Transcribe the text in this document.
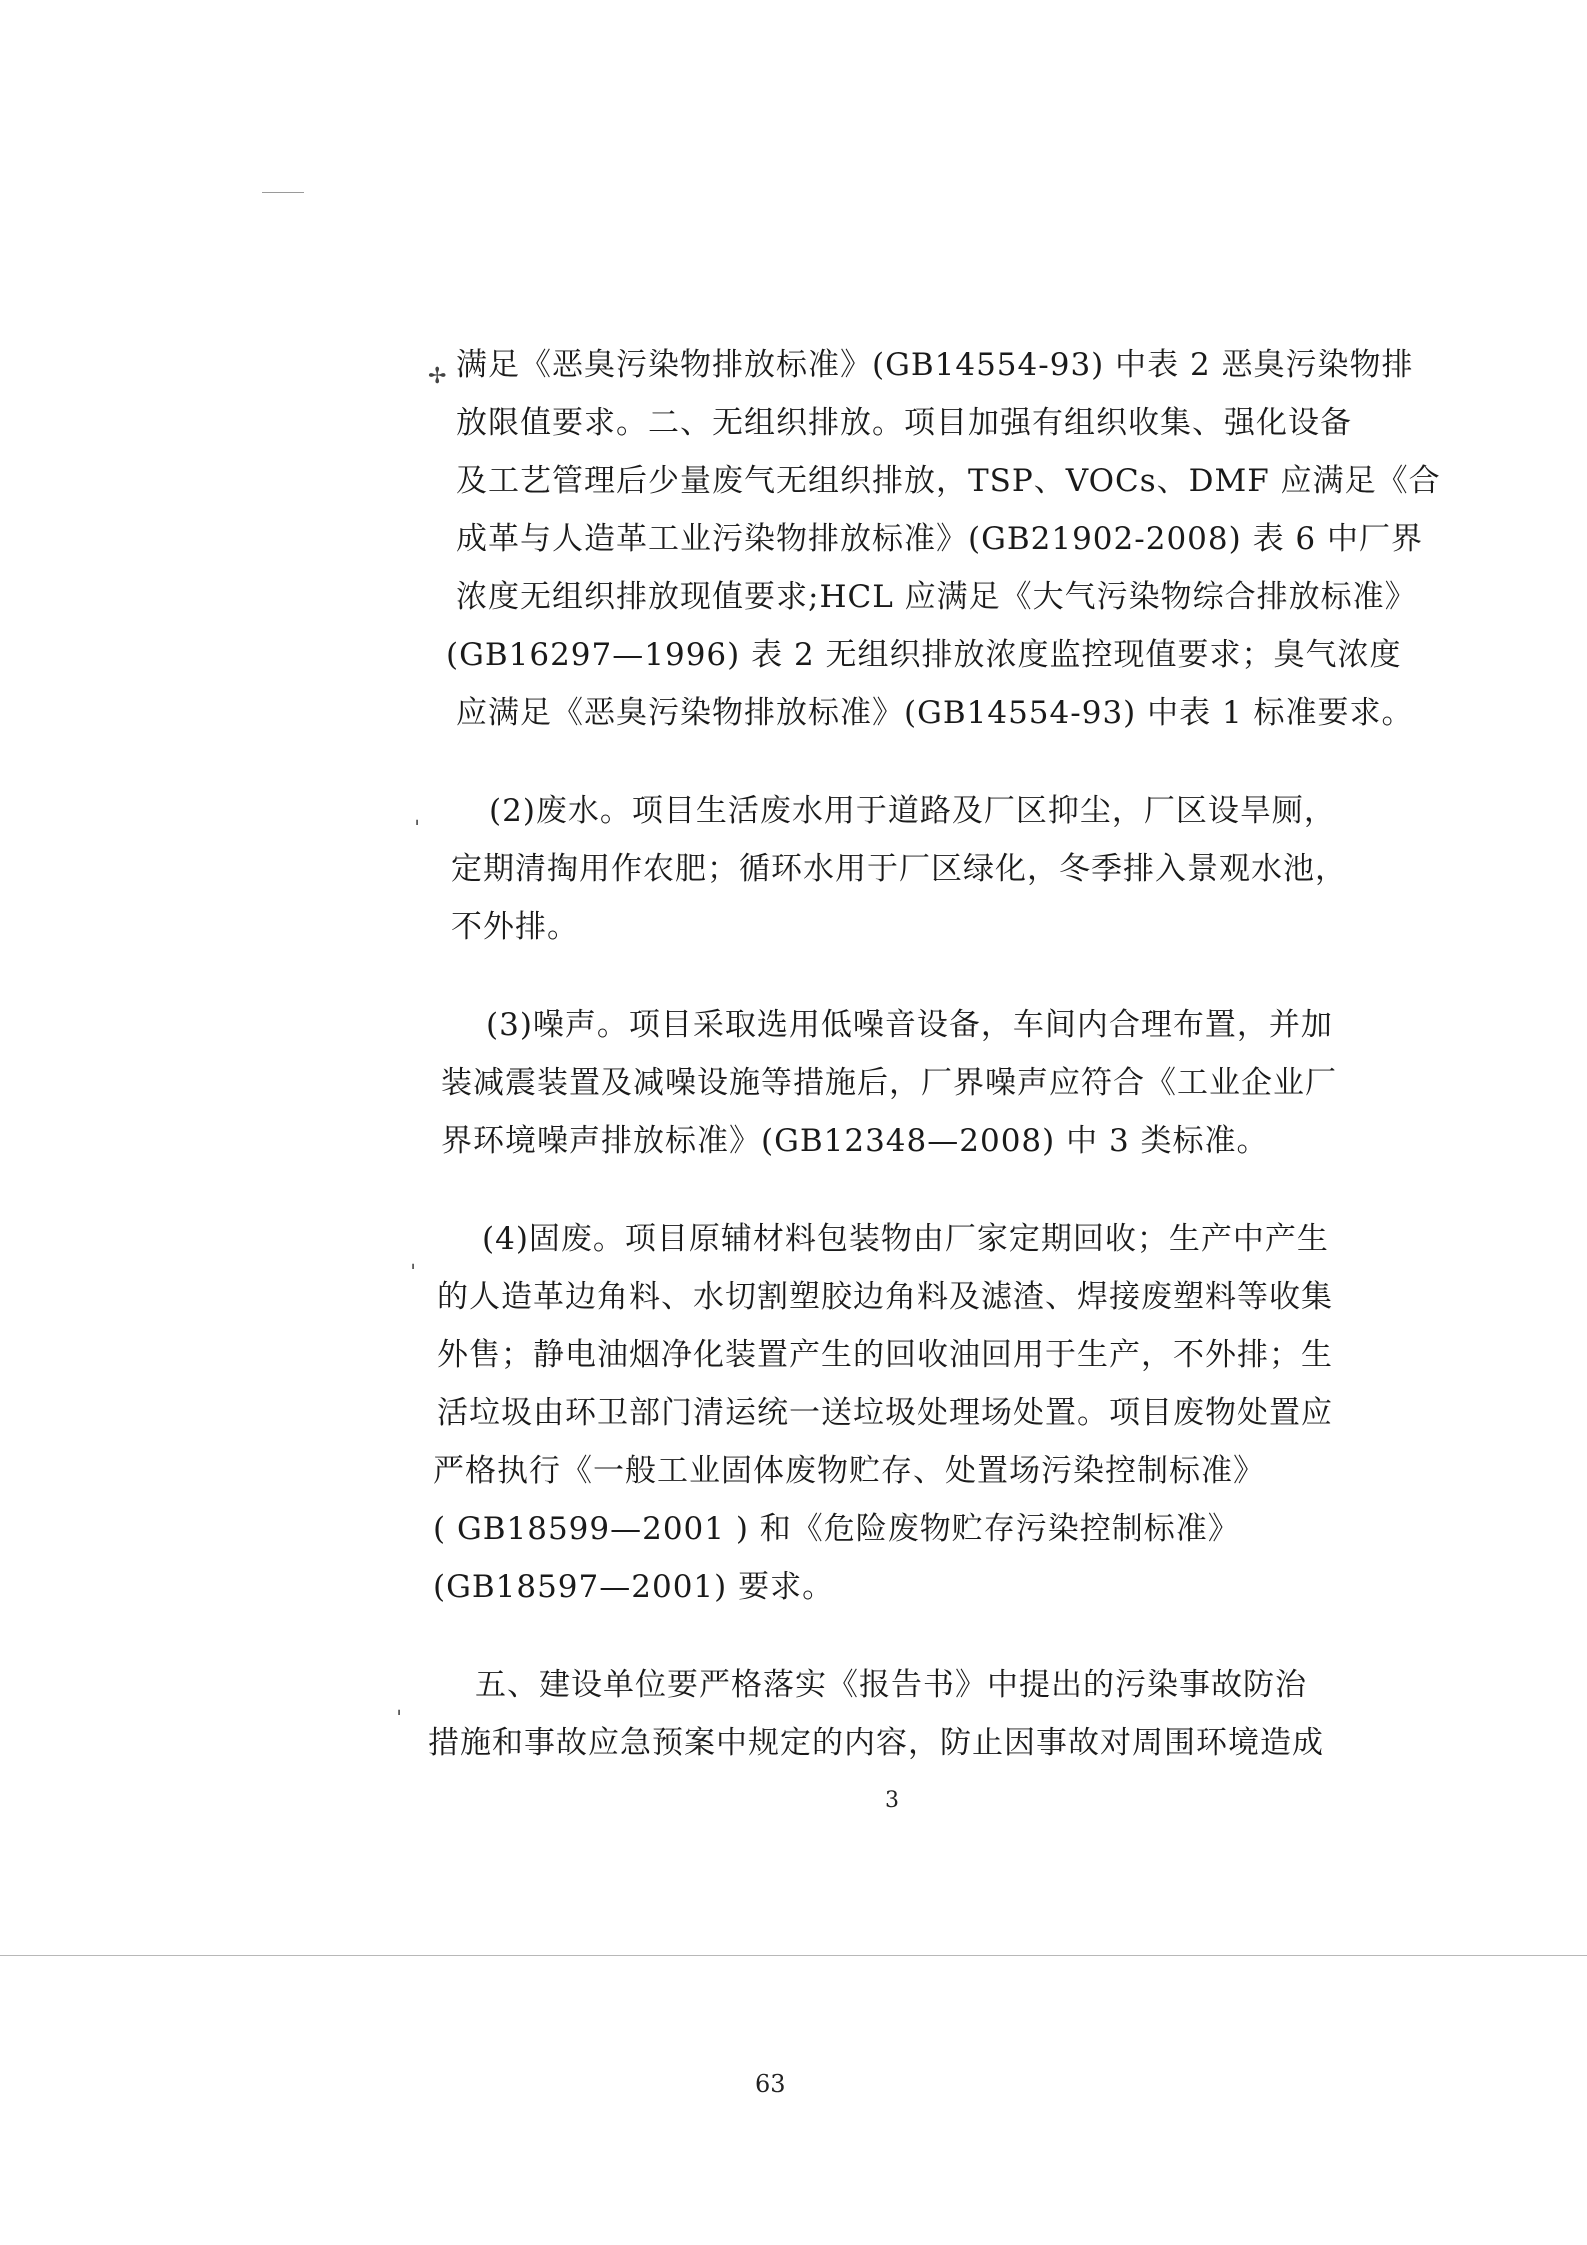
✢
ˈ
ˈ
ˈ
满足《恶臭污染物排放标准》(GB14554-93) 中表 2 恶臭污染物排
放限值要求。二、无组织排放。项目加强有组织收集、强化设备
及工艺管理后少量废气无组织排放，TSP、VOCs、DMF 应满足《合
成革与人造革工业污染物排放标准》(GB21902-2008) 表 6 中厂界
浓度无组织排放现值要求;HCL 应满足《大气污染物综合排放标准》
(GB16297—1996) 表 2 无组织排放浓度监控现值要求；臭气浓度
应满足《恶臭污染物排放标准》(GB14554-93) 中表 1 标准要求。
(2)废水。项目生活废水用于道路及厂区抑尘，厂区设旱厕，
定期清掏用作农肥；循环水用于厂区绿化，冬季排入景观水池，
不外排。
(3)噪声。项目采取选用低噪音设备，车间内合理布置，并加
装减震装置及减噪设施等措施后，厂界噪声应符合《工业企业厂
界环境噪声排放标准》(GB12348—2008) 中 3 类标准。
(4)固废。项目原辅材料包装物由厂家定期回收；生产中产生
的人造革边角料、水切割塑胶边角料及滤渣、焊接废塑料等收集
外售；静电油烟净化装置产生的回收油回用于生产，不外排；生
活垃圾由环卫部门清运统一送垃圾处理场处置。项目废物处置应
严格执行《一般工业固体废物贮存、处置场污染控制标准》
( GB18599—2001 ) 和《危险废物贮存污染控制标准》
(GB18597—2001) 要求。
五、建设单位要严格落实《报告书》中提出的污染事故防治
措施和事故应急预案中规定的内容，防止因事故对周围环境造成
3
63
